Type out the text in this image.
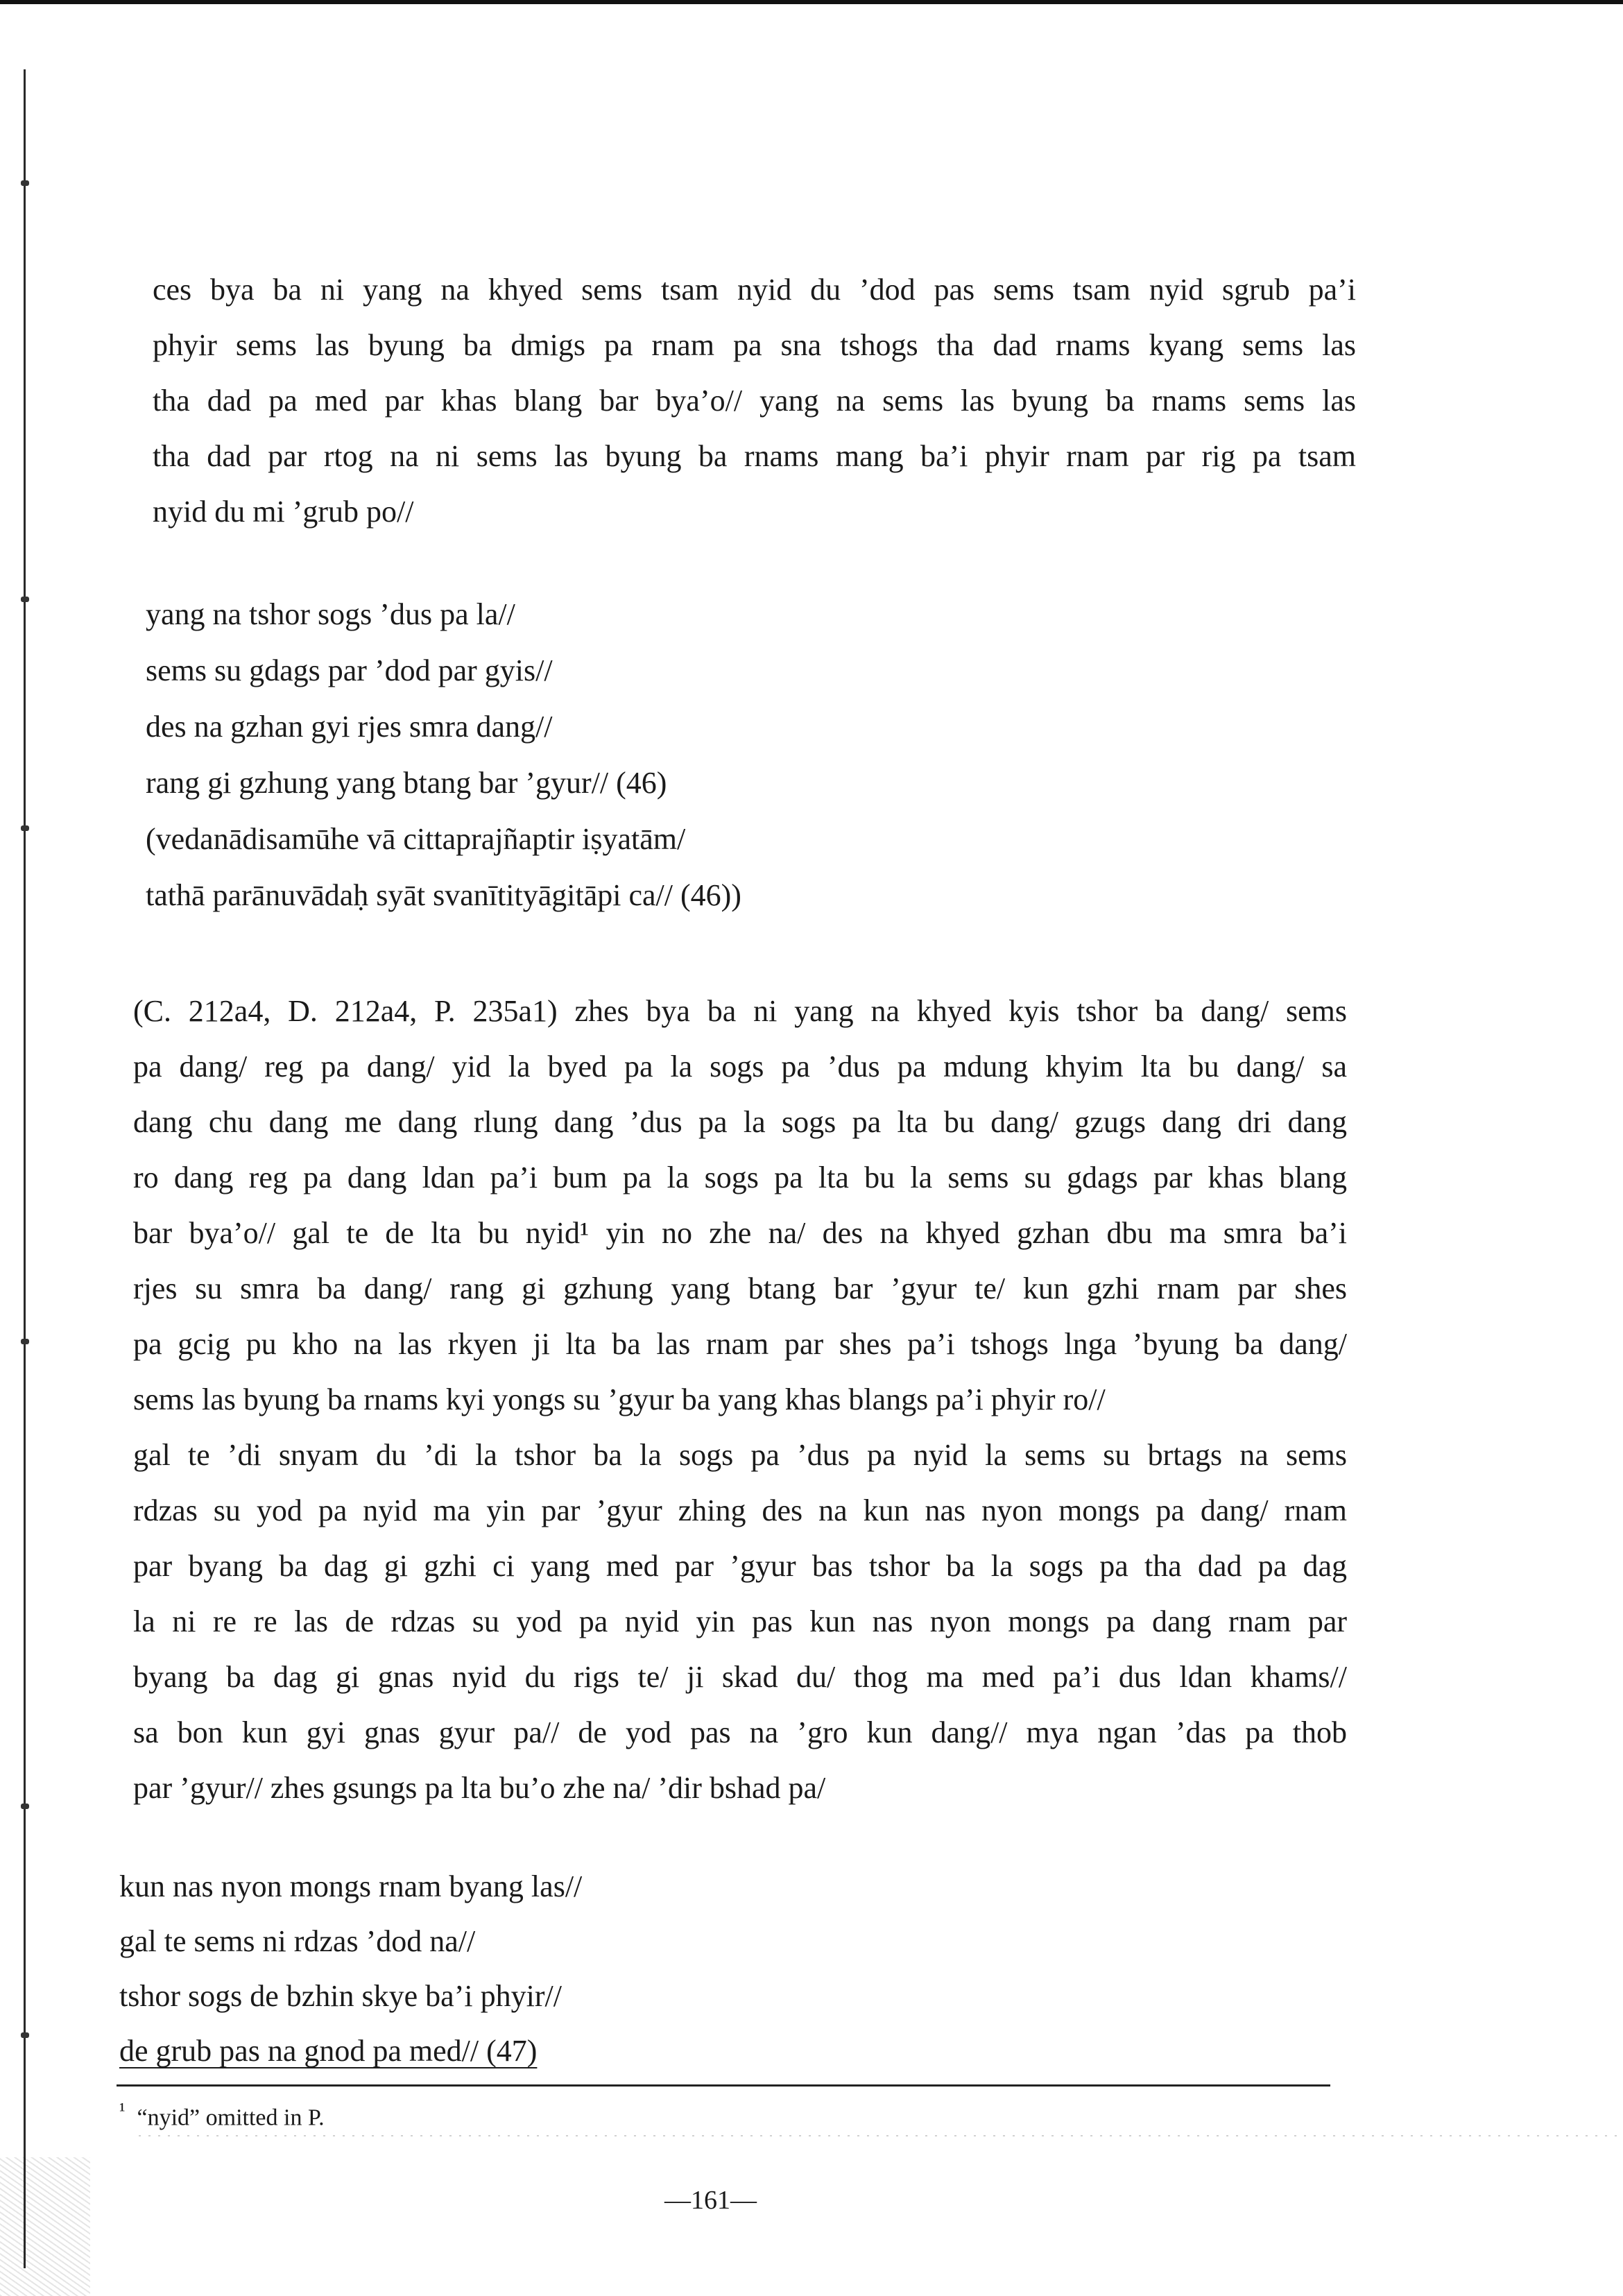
ces bya ba ni yang na khyed sems tsam nyid du ’dod pas sems tsam nyid sgrub pa’i
phyir sems las byung ba dmigs pa rnam pa sna tshogs tha dad rnams kyang sems las
tha dad pa med par khas blang bar bya’o// yang na sems las byung ba rnams sems las
tha dad par rtog na ni sems las byung ba rnams mang ba’i phyir rnam par rig pa tsam
nyid du mi ’grub po//
yang na tshor sogs ’dus pa la//
sems su gdags par ’dod par gyis//
des na gzhan gyi rjes smra dang//
rang gi gzhung yang btang bar ’gyur// (46)
(vedanādisamūhe vā cittaprajñaptir iṣyatām/
tathā parānuvādaḥ syāt svanītityāgitāpi ca// (46))
(C. 212a4, D. 212a4, P. 235a1) zhes bya ba ni yang na khyed kyis tshor ba dang/ sems
pa dang/ reg pa dang/ yid la byed pa la sogs pa ’dus pa mdung khyim lta bu dang/ sa
dang chu dang me dang rlung dang ’dus pa la sogs pa lta bu dang/ gzugs dang dri dang
ro dang reg pa dang ldan pa’i bum pa la sogs pa lta bu la sems su gdags par khas blang
bar bya’o// gal te de lta bu nyid¹ yin no zhe na/ des na khyed gzhan dbu ma smra ba’i
rjes su smra ba dang/ rang gi gzhung yang btang bar ’gyur te/ kun gzhi rnam par shes
pa gcig pu kho na las rkyen ji lta ba las rnam par shes pa’i tshogs lnga ’byung ba dang/
sems las byung ba rnams kyi yongs su ’gyur ba yang khas blangs pa’i phyir ro//
gal te ’di snyam du ’di la tshor ba la sogs pa ’dus pa nyid la sems su brtags na sems
rdzas su yod pa nyid ma yin par ’gyur zhing des na kun nas nyon mongs pa dang/ rnam
par byang ba dag gi gzhi ci yang med par ’gyur bas tshor ba la sogs pa tha dad pa dag
la ni re re las de rdzas su yod pa nyid yin pas kun nas nyon mongs pa dang rnam par
byang ba dag gi gnas nyid du rigs te/ ji skad du/ thog ma med pa’i dus ldan khams//
sa bon kun gyi gnas gyur pa// de yod pas na ’gro kun dang// mya ngan ’das pa thob
par ’gyur// zhes gsungs pa lta bu’o zhe na/ ’dir bshad pa/
kun nas nyon mongs rnam byang las//
gal te sems ni rdzas ’dod na//
tshor sogs de bzhin skye ba’i phyir//
de grub pas na gnod pa med// (47)
$^{^1}$ “nyid” omitted in P.
—161—
